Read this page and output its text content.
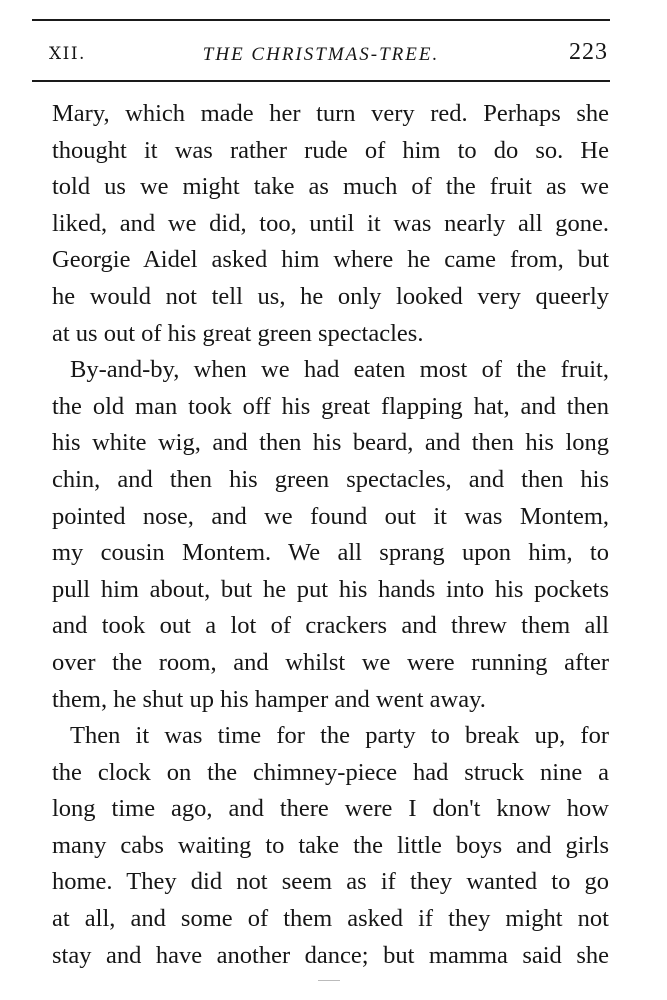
XII.	THE CHRISTMAS-TREE.	223
Mary, which made her turn very red. Perhaps she
thought it was rather rude of him to do so. He
told us we might take as much of the fruit as we
liked, and we did, too, until it was nearly all gone.
Georgie Aidel asked him where he came from, but
he would not tell us, he only looked very queerly
at us out of his great green spectacles.
By-and-by, when we had eaten most of the fruit,
the old man took off his great flapping hat, and then
his white wig, and then his beard, and then his long
chin, and then his green spectacles, and then his
pointed nose, and we found out it was Montem,
my cousin Montem. We all sprang upon him, to
pull him about, but he put his hands into his pockets
and took out a lot of crackers and threw them all
over the room, and whilst we were running after
them, he shut up his hamper and went away.
Then it was time for the party to break up, for
the clock on the chimney-piece had struck nine a
long time ago, and there were I don't know how
many cabs waiting to take the little boys and girls
home. They did not seem as if they wanted to go
at all, and some of them asked if they might not
stay and have another dance; but mamma said she
